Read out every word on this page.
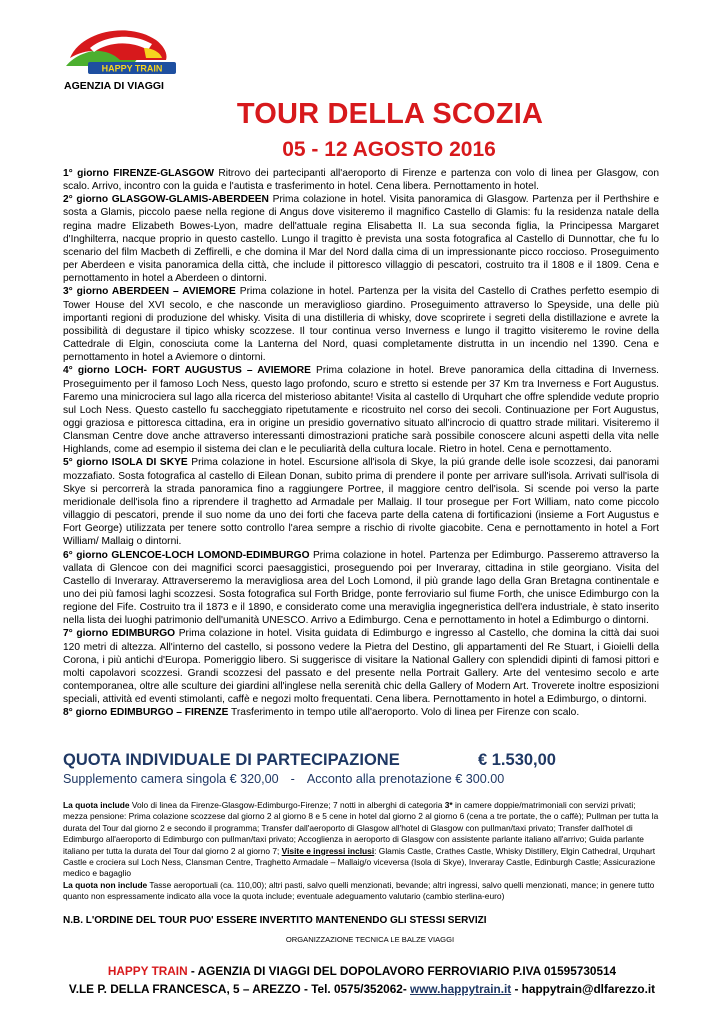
HAPPY TRAIN
AGENZIA DI VIAGGI
TOUR DELLA SCOZIA
05 - 12 AGOSTO 2016
1° giorno FIRENZE-GLASGOW Ritrovo dei partecipanti all'aeroporto di Firenze e partenza con volo di linea per Glasgow, con scalo. Arrivo, incontro con la guida e l'autista e trasferimento in hotel. Cena libera. Pernottamento in hotel.
2° giorno GLASGOW-GLAMIS-ABERDEEN Prima colazione in hotel. Visita panoramica di Glasgow. Partenza per il Perthshire e sosta a Glamis, piccolo paese nella regione di Angus dove visiteremo il magnifico Castello di Glamis: fu la residenza natale della regina madre Elizabeth Bowes-Lyon, madre dell'attuale regina Elisabetta II. La sua seconda figlia, la Principessa Margaret d'Inghilterra, nacque proprio in questo castello. Lungo il tragitto è prevista una sosta fotografica al Castello di Dunnottar, che fu lo scenario del film Macbeth di Zeffirelli, e che domina il Mar del Nord dalla cima di un impressionante picco roccioso. Proseguimento per Aberdeen e visita panoramica della città, che include il pittoresco villaggio di pescatori, costruito tra il 1808 e il 1809. Cena e pernottamento in hotel a Aberdeen o dintorni.
3° giorno ABERDEEN – AVIEMORE Prima colazione in hotel. Partenza per la visita del Castello di Crathes perfetto esempio di Tower House del XVI secolo, e che nasconde un meraviglioso giardino. Proseguimento attraverso lo Speyside, una delle più importanti regioni di produzione del whisky. Visita di una distilleria di whisky, dove scoprirete i segreti della distillazione e avrete la possibilità di degustare il tipico whisky scozzese. Il tour continua verso Inverness e lungo il tragitto visiteremo le rovine della Cattedrale di Elgin, conosciuta come la Lanterna del Nord, quasi completamente distrutta in un incendio nel 1390. Cena e pernottamento in hotel a Aviemore o dintorni.
4° giorno LOCH- FORT AUGUSTUS – AVIEMORE Prima colazione in hotel. Breve panoramica della cittadina di Inverness. Proseguimento per il famoso Loch Ness, questo lago profondo, scuro e stretto si estende per 37 Km tra Inverness e Fort Augustus. Faremo una minicrociera sul lago alla ricerca del misterioso abitante! Visita al castello di Urquhart che offre splendide vedute proprio sul Loch Ness. Questo castello fu saccheggiato ripetutamente e ricostruito nel corso dei secoli. Continuazione per Fort Augustus, oggi graziosa e pittoresca cittadina, era in origine un presidio governativo situato all'incrocio di quattro strade militari. Visiteremo il Clansman Centre dove anche attraverso interessanti dimostrazioni pratiche sarà possibile conoscere alcuni aspetti della vita nelle Highlands, come ad esempio il sistema dei clan e le peculiarità della cultura locale. Rietro in hotel. Cena e pernottamento.
5° giorno ISOLA DI SKYE Prima colazione in hotel. Escursione all'isola di Skye, la piú grande delle isole scozzesi, dai panorami mozzafiato. Sosta fotografica al castello di Eilean Donan, subito prima di prendere il ponte per arrivare sull'isola. Arrivati sull'isola di Skye si percorrerà la strada panoramica fino a raggiungere Portree, il maggiore centro dell'isola. Si scende poi verso la parte meridionale dell'isola fino a riprendere il traghetto ad Armadale per Mallaig. Il tour prosegue per Fort William, nato come piccolo villaggio di pescatori, prende il suo nome da uno dei forti che faceva parte della catena di fortificazioni (insieme a Fort Augustus e Fort George) utilizzata per tenere sotto controllo l'area sempre a rischio di rivolte giacobite. Cena e pernottamento in hotel a Fort William/ Mallaig o dintorni.
6° giorno GLENCOE-LOCH LOMOND-EDIMBURGO Prima colazione in hotel. Partenza per Edimburgo. Passeremo attraverso la vallata di Glencoe con dei magnifici scorci paesaggistici, proseguendo poi per Inveraray, cittadina in stile georgiano. Visita del Castello di Inveraray. Attraverseremo la meravigliosa area del Loch Lomond, il più grande lago della Gran Bretagna continentale e uno dei più famosi laghi scozzesi. Sosta fotografica sul Forth Bridge, ponte ferroviario sul fiume Forth, che unisce Edimburgo con la regione del Fife. Costruito tra il 1873 e il 1890, e considerato come una meraviglia ingegneristica dell'era industriale, è stato inserito nella lista dei luoghi patrimonio dell'umanità UNESCO. Arrivo a Edimburgo. Cena e pernottamento in hotel a Edimburgo o dintorni.
7° giorno EDIMBURGO Prima colazione in hotel. Visita guidata di Edimburgo e ingresso al Castello, che domina la città dai suoi 120 metri di altezza. All'interno del castello, si possono vedere la Pietra del Destino, gli appartamenti del Re Stuart, i Gioielli della Corona, i più antichi d'Europa. Pomeriggio libero. Si suggerisce di visitare la National Gallery con splendidi dipinti di famosi pittori e molti capolavori scozzesi. Grandi scozzesi del passato e del presente nella Portrait Gallery. Arte del ventesimo secolo e arte contemporanea, oltre alle sculture dei giardini all'inglese nella serenità chic della Gallery of Modern Art. Troverete inoltre esposizioni speciali, attività ed eventi stimolanti, caffè e negozi molto frequentati. Cena libera. Pernottamento in hotel a Edimburgo, o dintorni.
8° giorno EDIMBURGO – FIRENZE Trasferimento in tempo utile all'aeroporto. Volo di linea per Firenze con scalo.
QUOTA INDIVIDUALE DI PARTECIPAZIONE	€ 1.530,00
Supplemento camera singola € 320,00 - Acconto alla prenotazione € 300.00
La quota include Volo di linea da Firenze-Glasgow-Edimburgo-Firenze; 7 notti in alberghi di categoria 3* in camere doppie/matrimoniali con servizi privati; mezza pensione: Prima colazione scozzese dal giorno 2 al giorno 8 e 5 cene in hotel dal giorno 2 al giorno 6 (cena a tre portate, the o caffè); Pullman per tutta la durata del Tour dal giorno 2 e secondo il programma; Transfer dall'aeroporto di Glasgow all'hotel di Glasgow con pullman/taxi privato; Transfer dall'hotel di Edimburgo all'aeroporto di Edimburgo con pullman/taxi privato; Accoglienza in aeroporto di Glasgow con assistente parlante italiano all'arrivo; Guida parlante italiano per tutta la durata del Tour dal giorno 2 al giorno 7; Visite e ingressi inclusi: Glamis Castle, Crathes Castle, Whisky Distillery, Elgin Cathedral, Urquhart Castle e crociera sul Loch Ness, Clansman Centre, Traghetto Armadale – Mallaig/o viceversa (Isola di Skye), Inveraray Castle, Edinburgh Castle; Assicurazione medico e bagaglio
La quota non include Tasse aeroportuali (ca. 110,00); altri pasti, salvo quelli menzionati, bevande; altri ingressi, salvo quelli menzionati, mance; in genere tutto quanto non espressamente indicato alla voce la quota include; eventuale adeguamento valutario (cambio sterlina-euro)
N.B. L'ORDINE DEL TOUR PUO' ESSERE INVERTITO MANTENENDO GLI STESSI SERVIZI
ORGANIZZAZIONE TECNICA LE BALZE VIAGGI
HAPPY TRAIN - AGENZIA DI VIAGGI DEL DOPOLAVORO FERROVIARIO P.IVA 01595730514
V.LE P. DELLA FRANCESCA, 5 – AREZZO - Tel. 0575/352062- www.happytrain.it - happytrain@dlfarezzo.it
